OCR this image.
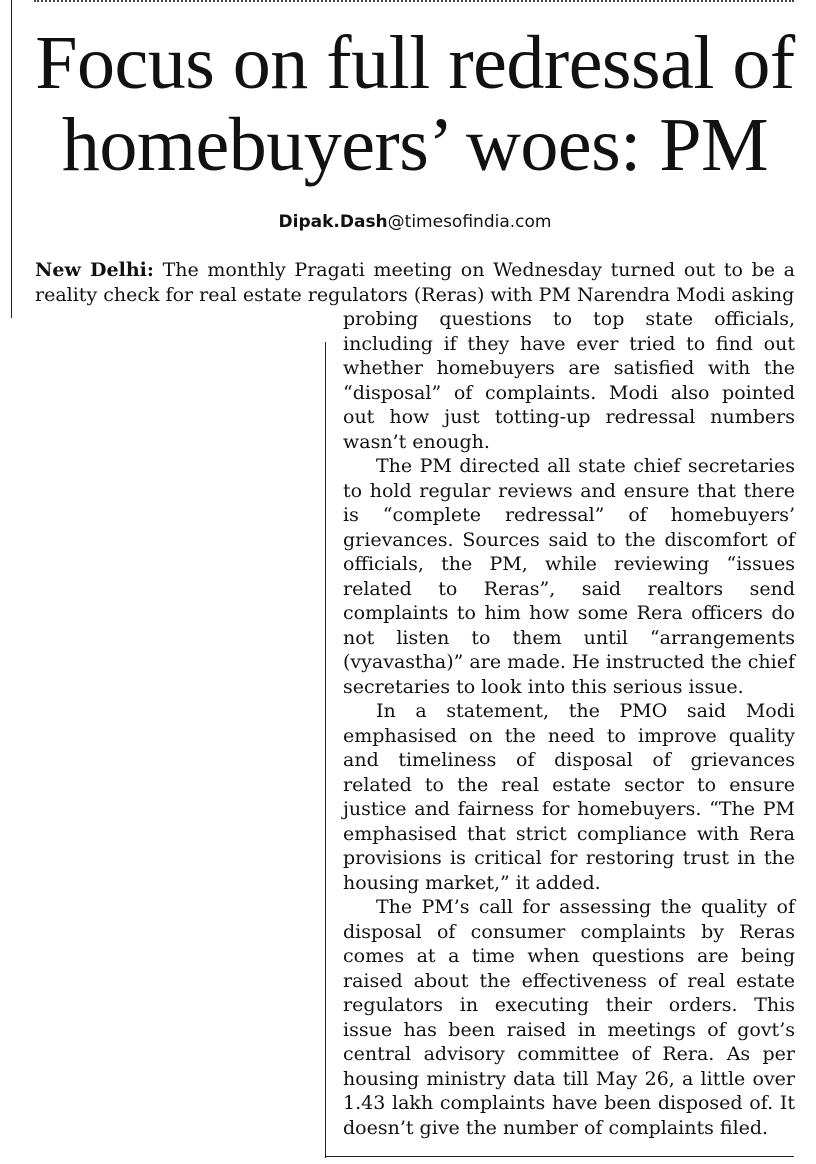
Focus on full redressal of homebuyers’ woes: PM

Dipak.Dash@timesofindia.com

New Delhi: The monthly Pragati meeting on Wednesday turned out to be a reality check for real estate regulators (Reras) with PM Narendra Modi asking

probing questions to top state officials, including if they have ever tried to find out whether homebuyers are satisfied with the “disposal” of complaints. Modi also pointed out how just totting-up redressal numbers wasn’t enough.

The PM directed all state chief secretaries to hold regular reviews and ensure that there is “complete redressal” of homebuyers’ grievances. Sources said to the discomfort of officials, the PM, while reviewing “issues related to Reras”, said realtors send complaints to him how some Rera officers do not listen to them until “arrangements (vyavastha)” are made. He instructed the chief secretaries to look into this serious issue.

In a statement, the PMO said Modi emphasised on the need to improve quality and timeliness of disposal of grievances related to the real estate sector to ensure justice and fairness for homebuyers. “The PM emphasised that strict compliance with Rera provisions is critical for restoring trust in the housing market,” it added.

The PM’s call for assessing the quality of disposal of consumer complaints by Reras comes at a time when questions are being raised about the effectiveness of real estate regulators in executing their orders. This issue has been raised in meetings of govt’s central advisory committee of Rera. As per housing ministry data till May 26, a little over 1.43 lakh complaints have been disposed of. It doesn’t give the number of complaints filed.
